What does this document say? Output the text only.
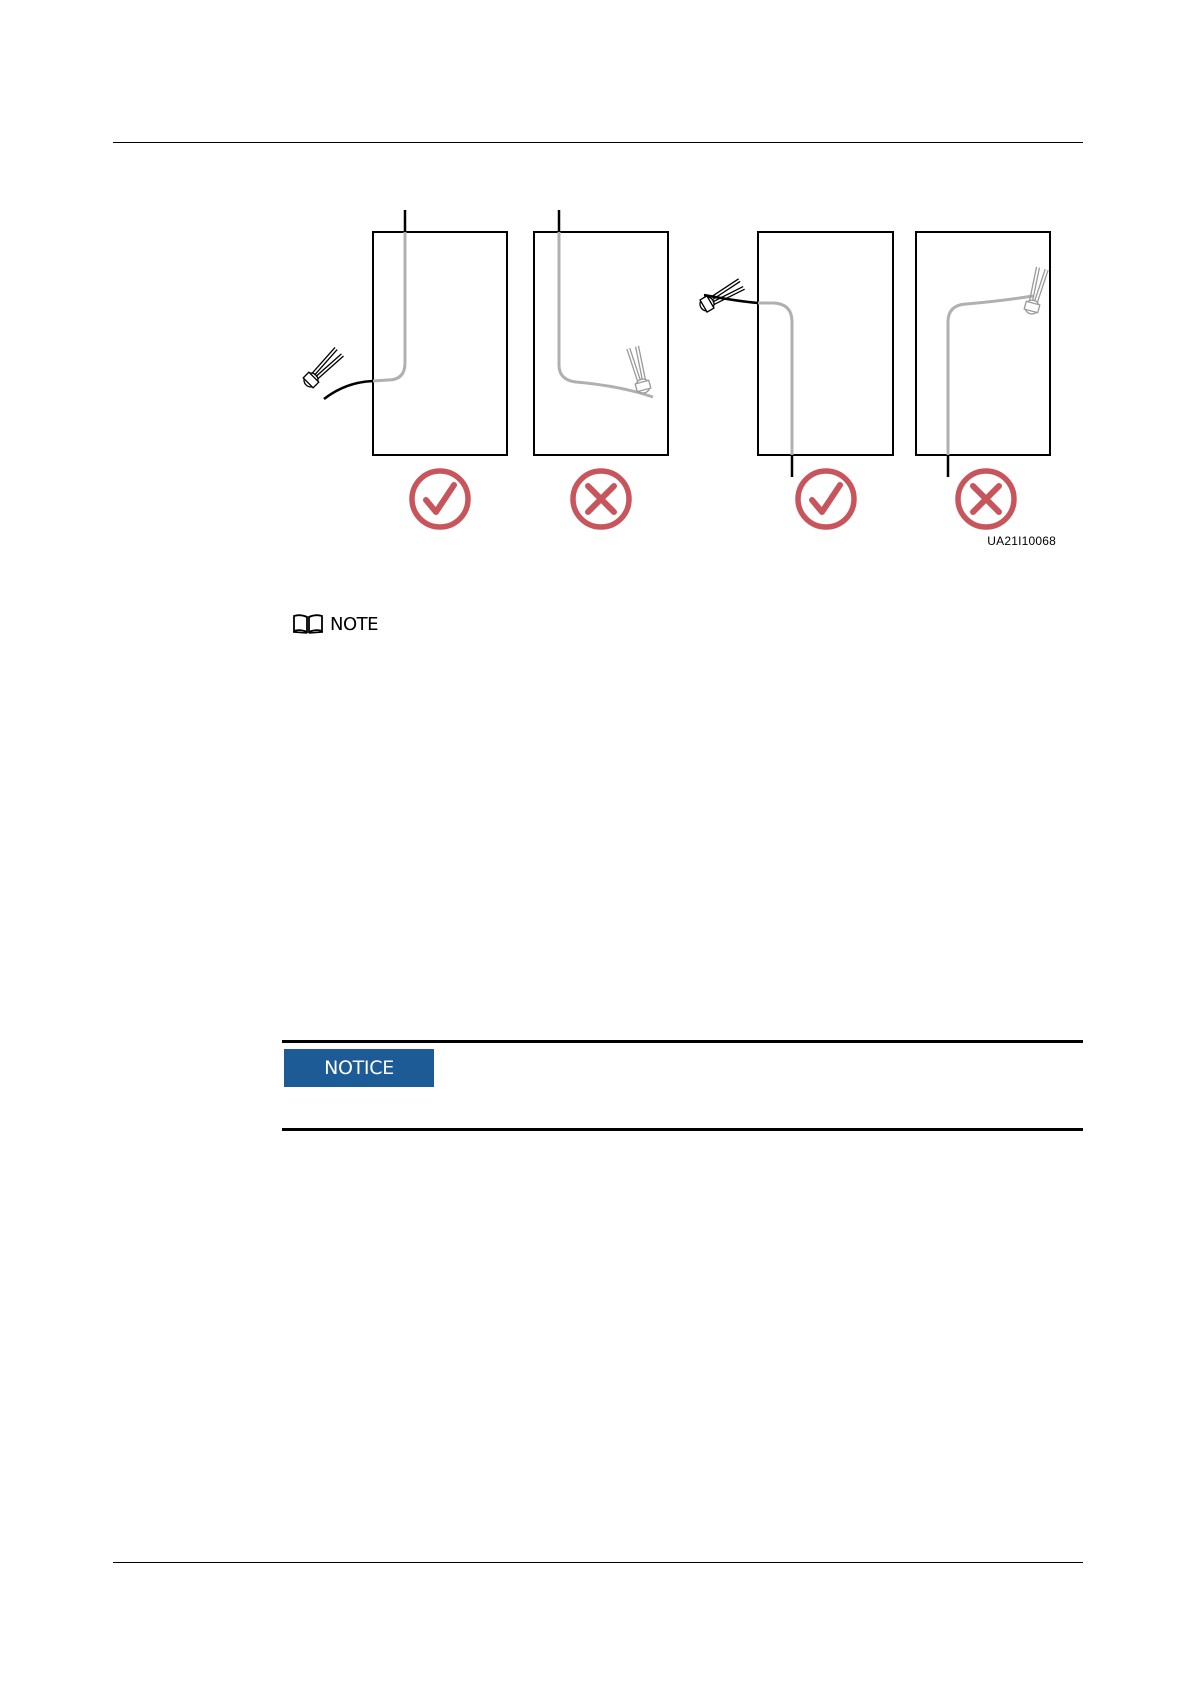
UA21I10068
NOTE
NOTICE
